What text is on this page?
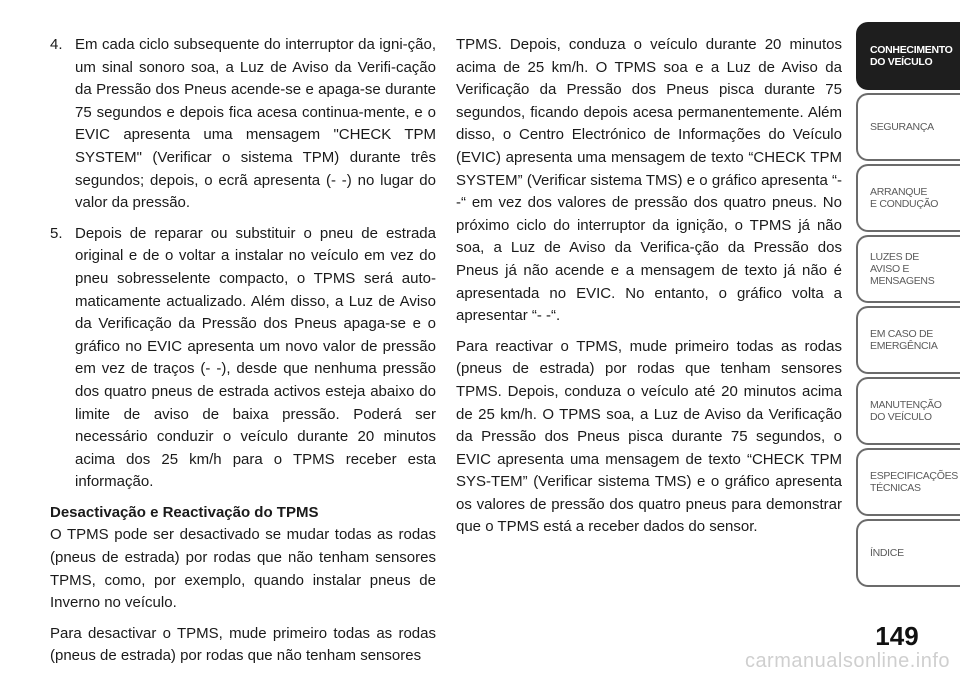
4. Em cada ciclo subsequente do interruptor da igni-ção, um sinal sonoro soa, a Luz de Aviso da Verifi-cação da Pressão dos Pneus acende-se e apaga-se durante 75 segundos e depois fica acesa continua-mente, e o EVIC apresenta uma mensagem "CHECK TPM SYSTEM" (Verificar o sistema TPM) durante três segundos; depois, o ecrã apresenta (- -) no lugar do valor da pressão.
5. Depois de reparar ou substituir o pneu de estrada original e de o voltar a instalar no veículo em vez do pneu sobresselente compacto, o TPMS será auto-maticamente actualizado. Além disso, a Luz de Aviso da Verificação da Pressão dos Pneus apaga-se e o gráfico no EVIC apresenta um novo valor de pressão em vez de traços (- -), desde que nenhuma pressão dos quatro pneus de estrada activos esteja abaixo do limite de aviso de baixa pressão. Poderá ser necessário conduzir o veículo durante 20 minutos acima dos 25 km/h para o TPMS receber esta informação.
Desactivação e Reactivação do TPMS

O TPMS pode ser desactivado se mudar todas as rodas (pneus de estrada) por rodas que não tenham sensores TPMS, como, por exemplo, quando instalar pneus de Inverno no veículo.

Para desactivar o TPMS, mude primeiro todas as rodas (pneus de estrada) por rodas que não tenham sensores

TPMS. Depois, conduza o veículo durante 20 minutos acima de 25 km/h. O TPMS soa e a Luz de Aviso da Verificação da Pressão dos Pneus pisca durante 75 segundos, ficando depois acesa permanentemente. Além disso, o Centro Electrónico de Informações do Veículo (EVIC) apresenta uma mensagem de texto “CHECK TPM SYSTEM” (Verificar sistema TMS) e o gráfico apresenta “- -“ em vez dos valores de pressão dos quatro pneus. No próximo ciclo do interruptor da ignição, o TPMS já não soa, a Luz de Aviso da Verifica-ção da Pressão dos Pneus já não acende e a mensagem de texto já não é apresentada no EVIC. No entanto, o gráfico volta a apresentar “- -“.

Para reactivar o TPMS, mude primeiro todas as rodas (pneus de estrada) por rodas que tenham sensores TPMS. Depois, conduza o veículo até 20 minutos acima de 25 km/h. O TPMS soa, a Luz de Aviso da Verificação da Pressão dos Pneus pisca durante 75 segundos, o EVIC apresenta uma mensagem de texto “CHECK TPM SYS-TEM” (Verificar sistema TMS) e o gráfico apresenta os valores de pressão dos quatro pneus para demonstrar que o TPMS está a receber dados do sensor.

CONHECIMENTO
DO VEÍCULO
SEGURANÇA
ARRANQUE
E CONDUÇÃO
LUZES DE
AVISO E
MENSAGENS
EM CASO DE
EMERGÊNCIA
MANUTENÇÃO
DO VEÍCULO
ESPECIFICAÇÕES
TÉCNICAS
ÍNDICE
149
carmanualsonline.info
